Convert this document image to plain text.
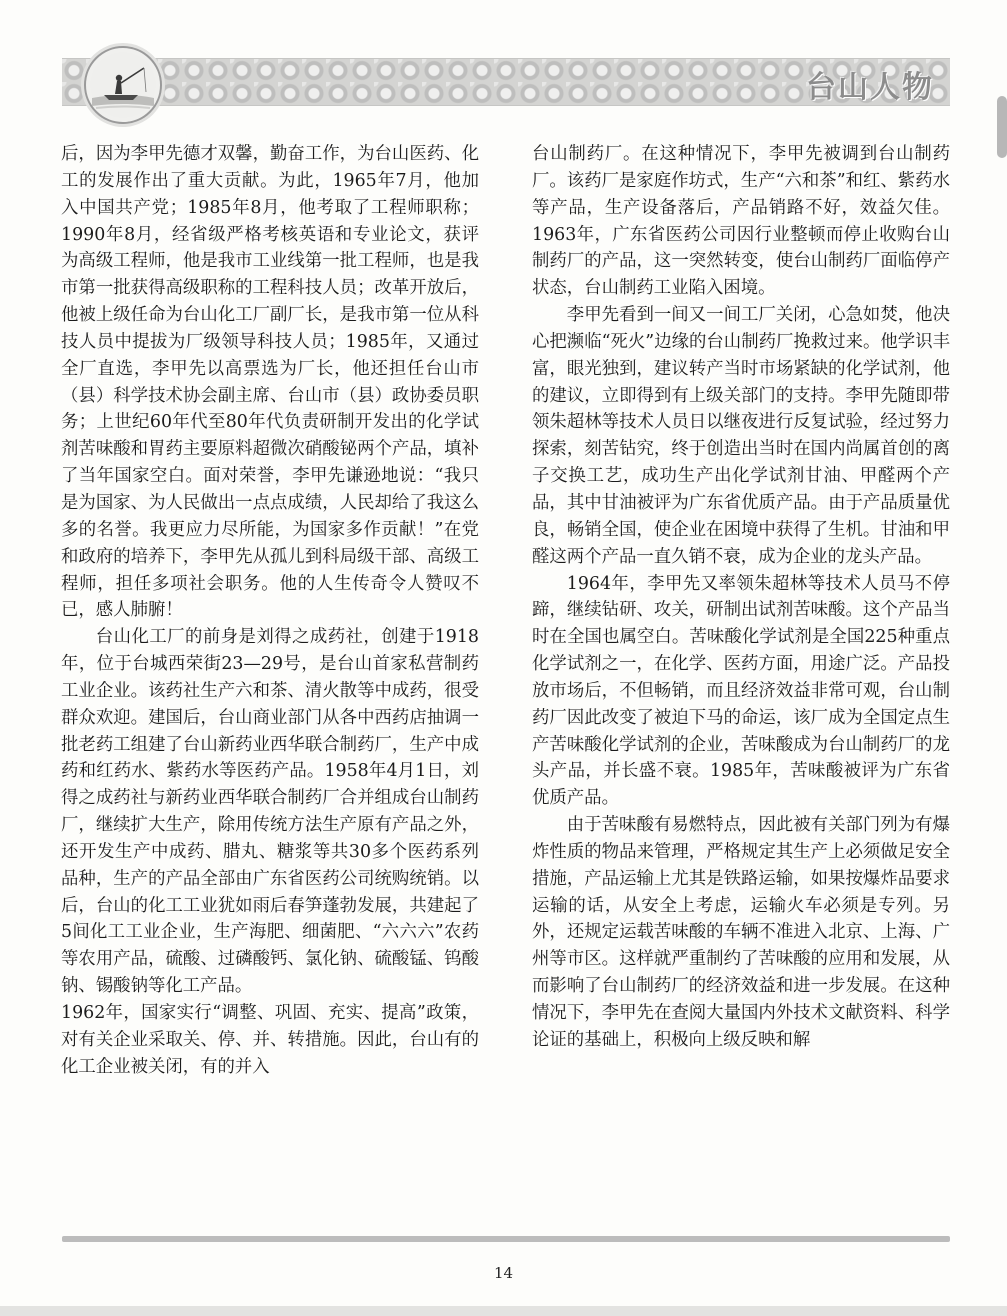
台山人物

后，因为李甲先德才双馨，勤奋工作，为台山医药、化工的发展作出了重大贡献。为此，1965年7月，他加入中国共产党；1985年8月，他考取了工程师职称；1990年8月，经省级严格考核英语和专业论文，获评为高级工程师，他是我市工业线第一批工程师，也是我市第一批获得高级职称的工程科技人员；改革开放后，他被上级任命为台山化工厂副厂长，是我市第一位从科技人员中提拔为厂级领导科技人员；1985年，又通过全厂直选，李甲先以高票选为厂长，他还担任台山市（县）科学技术协会副主席、台山市（县）政协委员职务；上世纪60年代至80年代负责研制开发出的化学试剂苦味酸和胃药主要原料超微次硝酸铋两个产品，填补了当年国家空白。面对荣誉，李甲先谦逊地说：“我只是为国家、为人民做出一点点成绩，人民却给了我这么多的名誉。我更应力尽所能，为国家多作贡献！”在党和政府的培养下，李甲先从孤儿到科局级干部、高级工程师，担任多项社会职务。他的人生传奇令人赞叹不已，感人肺腑！

台山化工厂的前身是刘得之成药社，创建于1918年，位于台城西荣街23—29号，是台山首家私营制药工业企业。该药社生产六和茶、清火散等中成药，很受群众欢迎。建国后，台山商业部门从各中西药店抽调一批老药工组建了台山新药业西华联合制药厂，生产中成药和红药水、紫药水等医药产品。1958年4月1日，刘得之成药社与新药业西华联合制药厂合并组成台山制药厂，继续扩大生产，除用传统方法生产原有产品之外，还开发生产中成药、腊丸、糖浆等共30多个医药系列品种，生产的产品全部由广东省医药公司统购统销。以后，台山的化工工业犹如雨后春笋蓬勃发展，共建起了5间化工工业企业，生产海肥、细菌肥、“六六六”农药等农用产品，硫酸、过磷酸钙、氯化钠、硫酸锰、钨酸钠、锡酸钠等化工产品。

1962年，国家实行“调整、巩固、充实、提高”政策，对有关企业采取关、停、并、转措施。因此，台山有的化工企业被关闭，有的并入

台山制药厂。在这种情况下，李甲先被调到台山制药厂。该药厂是家庭作坊式，生产“六和茶”和红、紫药水等产品，生产设备落后，产品销路不好，效益欠佳。1963年，广东省医药公司因行业整顿而停止收购台山制药厂的产品，这一突然转变，使台山制药厂面临停产状态，台山制药工业陷入困境。

李甲先看到一间又一间工厂关闭，心急如焚，他决心把濒临“死火”边缘的台山制药厂挽救过来。他学识丰富，眼光独到，建议转产当时市场紧缺的化学试剂，他的建议，立即得到有上级关部门的支持。李甲先随即带领朱超林等技术人员日以继夜进行反复试验，经过努力探索，刻苦钻究，终于创造出当时在国内尚属首创的离子交换工艺，成功生产出化学试剂甘油、甲醛两个产品，其中甘油被评为广东省优质产品。由于产品质量优良，畅销全国，使企业在困境中获得了生机。甘油和甲醛这两个产品一直久销不衰，成为企业的龙头产品。

1964年，李甲先又率领朱超林等技术人员马不停蹄，继续钻研、攻关，研制出试剂苦味酸。这个产品当时在全国也属空白。苦味酸化学试剂是全国225种重点化学试剂之一，在化学、医药方面，用途广泛。产品投放市场后，不但畅销，而且经济效益非常可观，台山制药厂因此改变了被迫下马的命运，该厂成为全国定点生产苦味酸化学试剂的企业，苦味酸成为台山制药厂的龙头产品，并长盛不衰。1985年，苦味酸被评为广东省优质产品。

由于苦味酸有易燃特点，因此被有关部门列为有爆炸性质的物品来管理，严格规定其生产上必须做足安全措施，产品运输上尤其是铁路运输，如果按爆炸品要求运输的话，从安全上考虑，运输火车必须是专列。另外，还规定运载苦味酸的车辆不准进入北京、上海、广州等市区。这样就严重制约了苦味酸的应用和发展，从而影响了台山制药厂的经济效益和进一步发展。在这种情况下，李甲先在查阅大量国内外技术文献资料、科学论证的基础上，积极向上级反映和解

14
